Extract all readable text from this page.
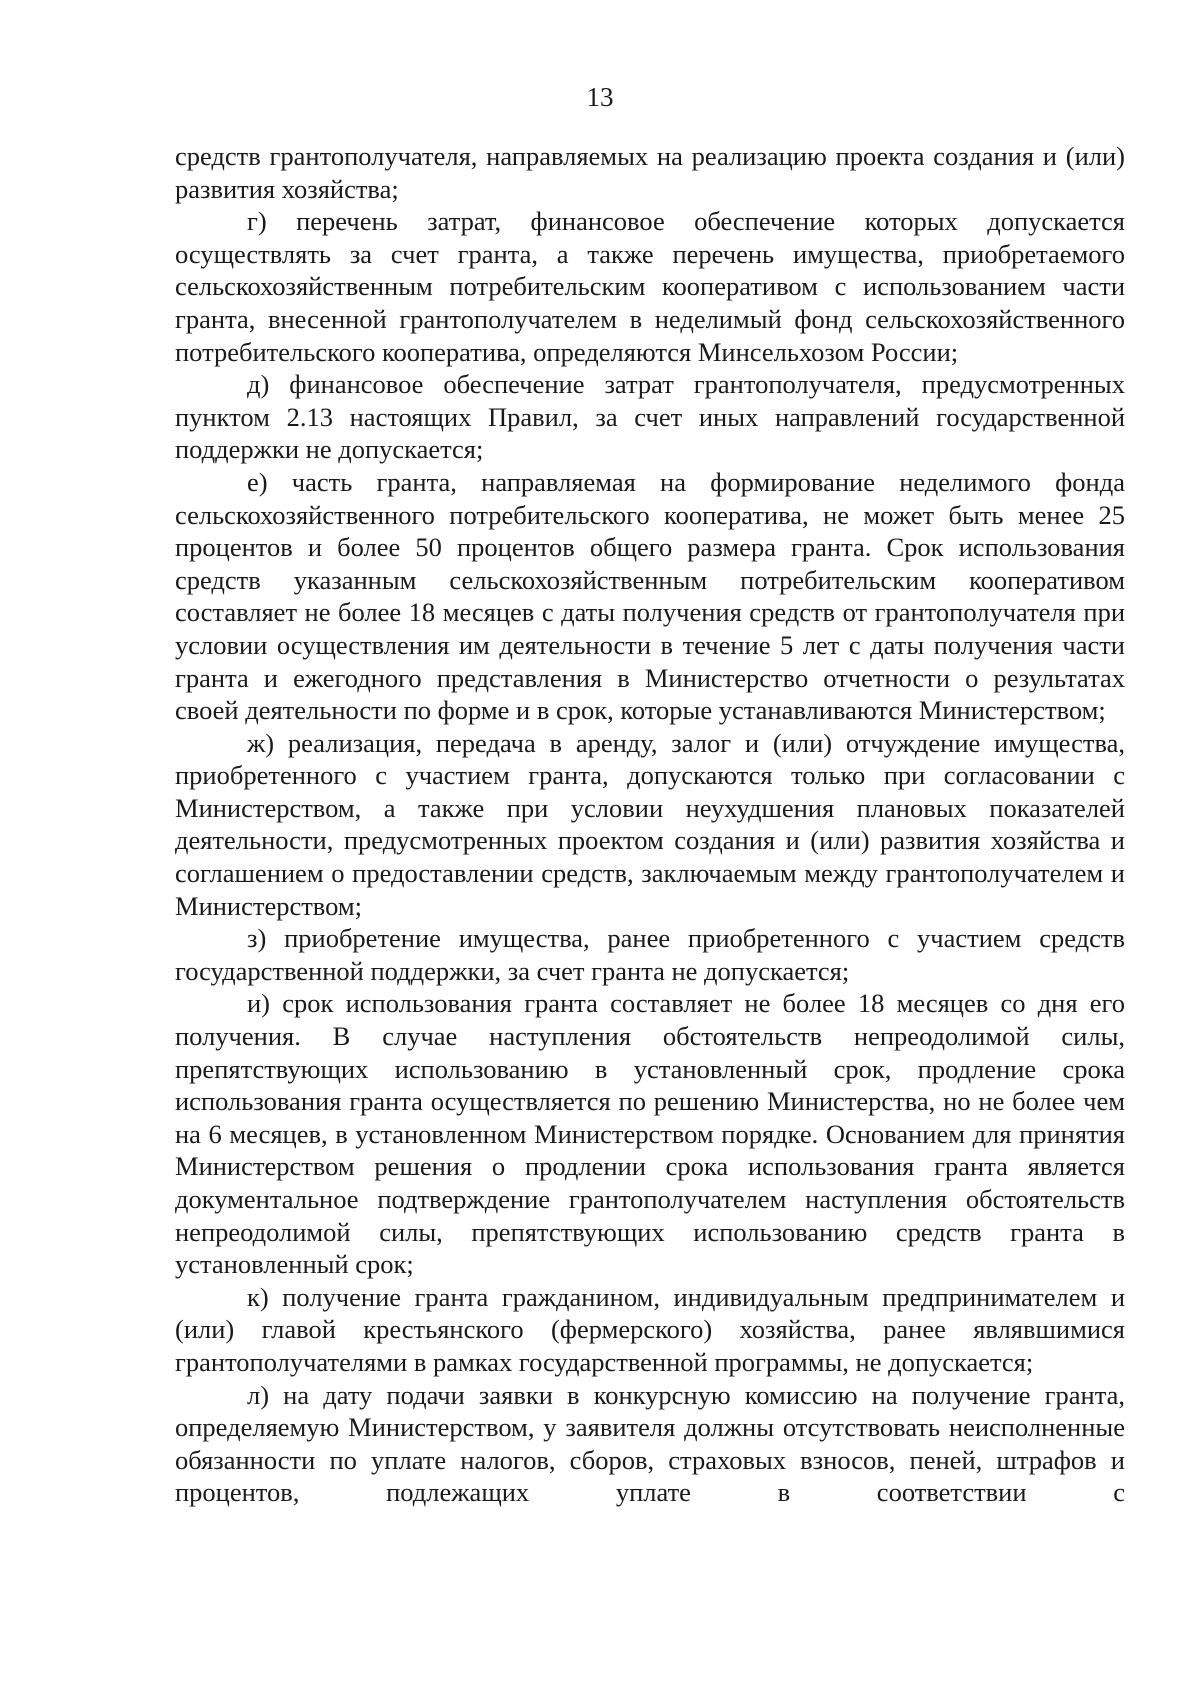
13

средств грантополучателя, направляемых на реализацию проекта создания и (или) развития хозяйства;

г) перечень затрат, финансовое обеспечение которых допускается осуществлять за счет гранта, а также перечень имущества, приобретаемого сельскохозяйственным потребительским кооперативом с использованием части гранта, внесенной грантополучателем в неделимый фонд сельскохозяйственного потребительского кооператива, определяются Минсельхозом России;

д) финансовое обеспечение затрат грантополучателя, предусмотренных пунктом 2.13 настоящих Правил, за счет иных направлений государственной поддержки не допускается;

е) часть гранта, направляемая на формирование неделимого фонда сельскохозяйственного потребительского кооператива, не может быть менее 25 процентов и более 50 процентов общего размера гранта. Срок использования средств указанным сельскохозяйственным потребительским кооперативом составляет не более 18 месяцев с даты получения средств от грантополучателя при условии осуществления им деятельности в течение 5 лет с даты получения части гранта и ежегодного представления в Министерство отчетности о результатах своей деятельности по форме и в срок, которые устанавливаются Министерством;

ж) реализация, передача в аренду, залог и (или) отчуждение имущества, приобретенного с участием гранта, допускаются только при согласовании с Министерством, а также при условии неухудшения плановых показателей деятельности, предусмотренных проектом создания и (или) развития хозяйства и соглашением о предоставлении средств, заключаемым между грантополучателем и Министерством;

з) приобретение имущества, ранее приобретенного с участием средств государственной поддержки, за счет гранта не допускается;

и) срок использования гранта составляет не более 18 месяцев со дня его получения. В случае наступления обстоятельств непреодолимой силы, препятствующих использованию в установленный срок, продление срока использования гранта осуществляется по решению Министерства, но не более чем на 6 месяцев, в установленном Министерством порядке. Основанием для принятия Министерством решения о продлении срока использования гранта является документальное подтверждение грантополучателем наступления обстоятельств непреодолимой силы, препятствующих использованию средств гранта в установленный срок;

к) получение гранта гражданином, индивидуальным предпринимателем и (или) главой крестьянского (фермерского) хозяйства, ранее являвшимися грантополучателями в рамках государственной программы, не допускается;

л) на дату подачи заявки в конкурсную комиссию на получение гранта, определяемую Министерством, у заявителя должны отсутствовать неисполненные обязанности по уплате налогов, сборов, страховых взносов, пеней, штрафов и процентов, подлежащих уплате в соответствии с
